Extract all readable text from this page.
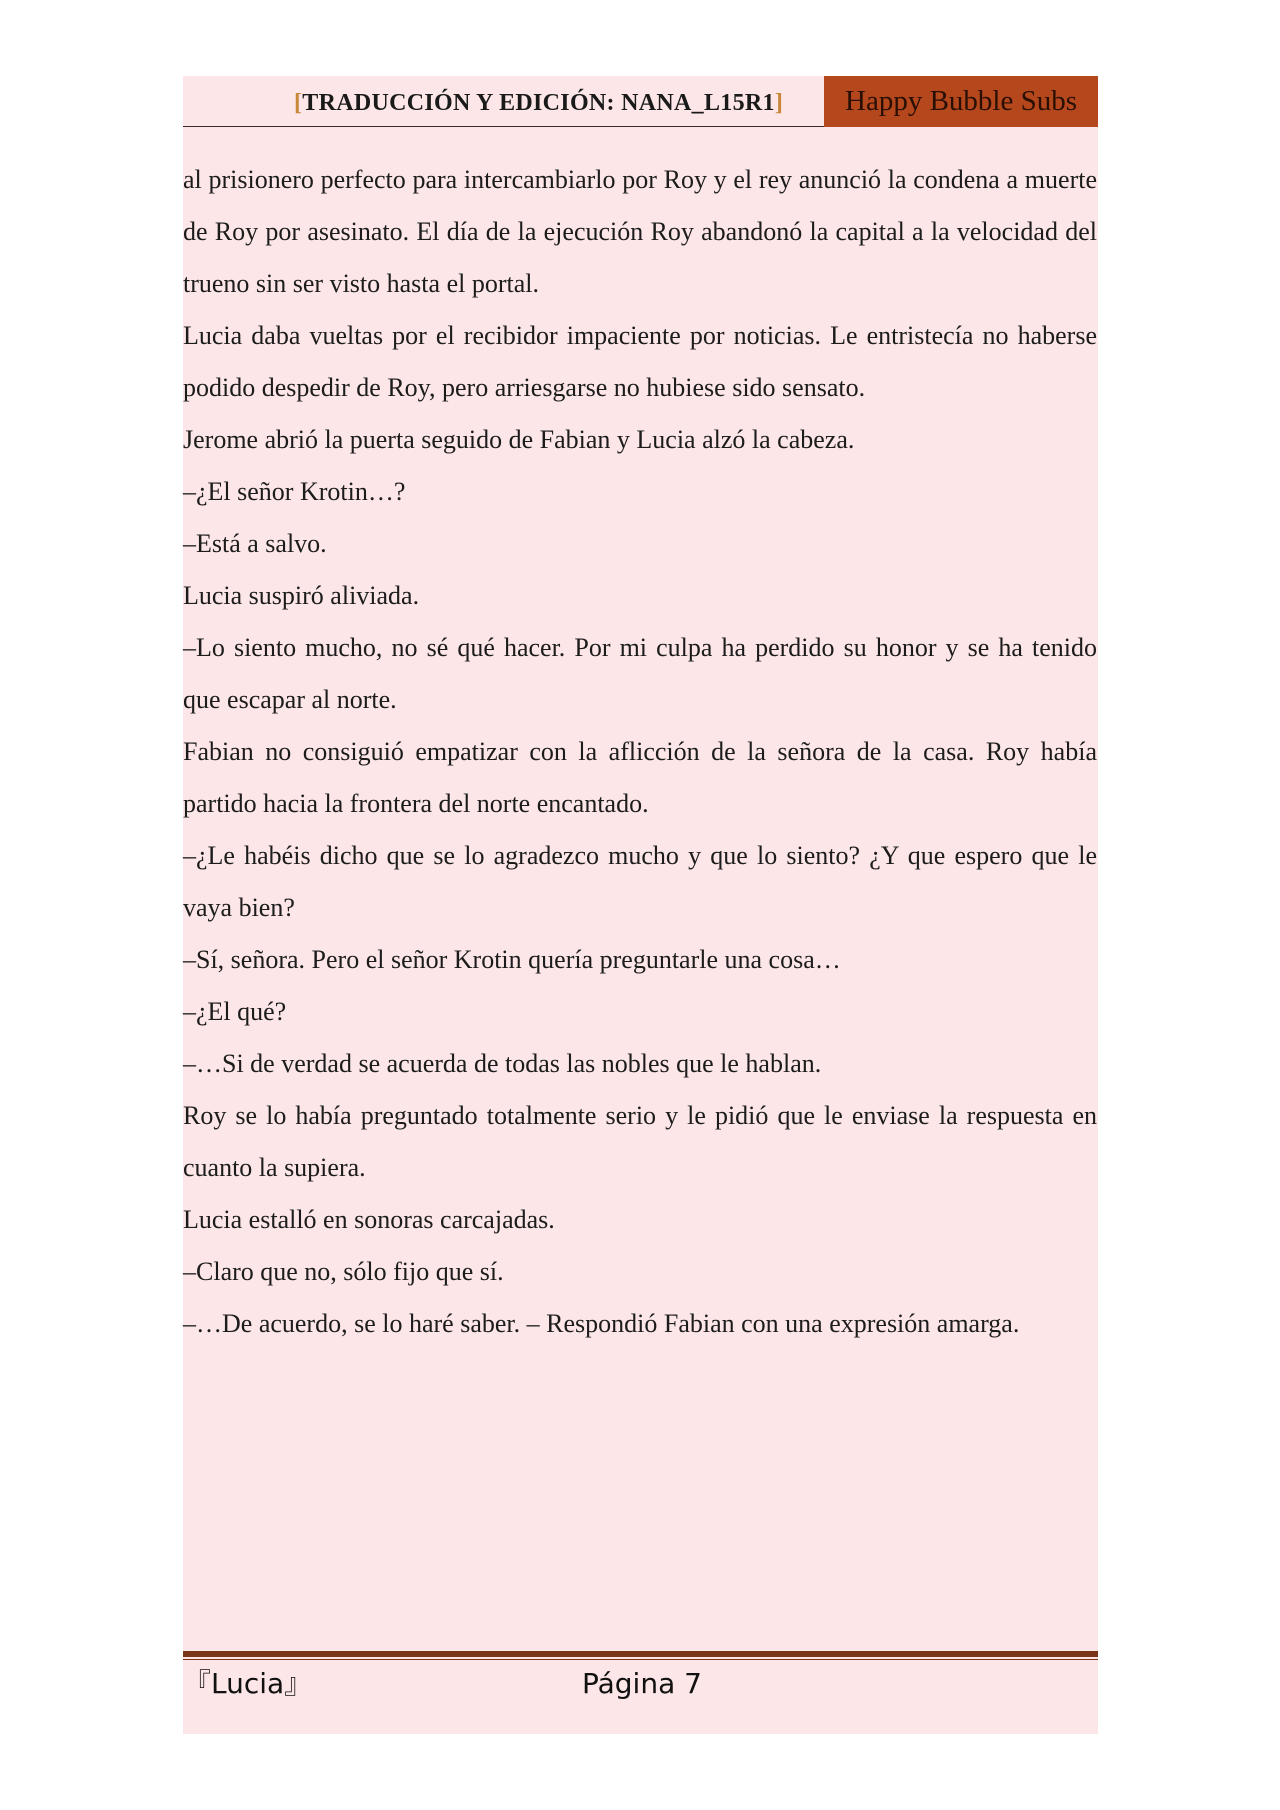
[TRADUCCIÓN Y EDICIÓN: NANA_L15R1]	Happy Bubble Subs

al prisionero perfecto para intercambiarlo por Roy y el rey anunció la condena a muerte de Roy por asesinato. El día de la ejecución Roy abandonó la capital a la velocidad del trueno sin ser visto hasta el portal.

Lucia daba vueltas por el recibidor impaciente por noticias. Le entristecía no haberse podido despedir de Roy, pero arriesgarse no hubiese sido sensato.

Jerome abrió la puerta seguido de Fabian y Lucia alzó la cabeza.

–¿El señor Krotin…?

–Está a salvo.

Lucia suspiró aliviada.

–Lo siento mucho, no sé qué hacer. Por mi culpa ha perdido su honor y se ha tenido que escapar al norte.

Fabian no consiguió empatizar con la aflicción de la señora de la casa. Roy había partido hacia la frontera del norte encantado.

–¿Le habéis dicho que se lo agradezco mucho y que lo siento? ¿Y que espero que le vaya bien?

–Sí, señora. Pero el señor Krotin quería preguntarle una cosa…

–¿El qué?

–…Si de verdad se acuerda de todas las nobles que le hablan.

Roy se lo había preguntado totalmente serio y le pidió que le enviase la respuesta en cuanto la supiera.

Lucia estalló en sonoras carcajadas.

–Claro que no, sólo fijo que sí.

–…De acuerdo, se lo haré saber. – Respondió Fabian con una expresión amarga.

『Lucia』	Página 7
